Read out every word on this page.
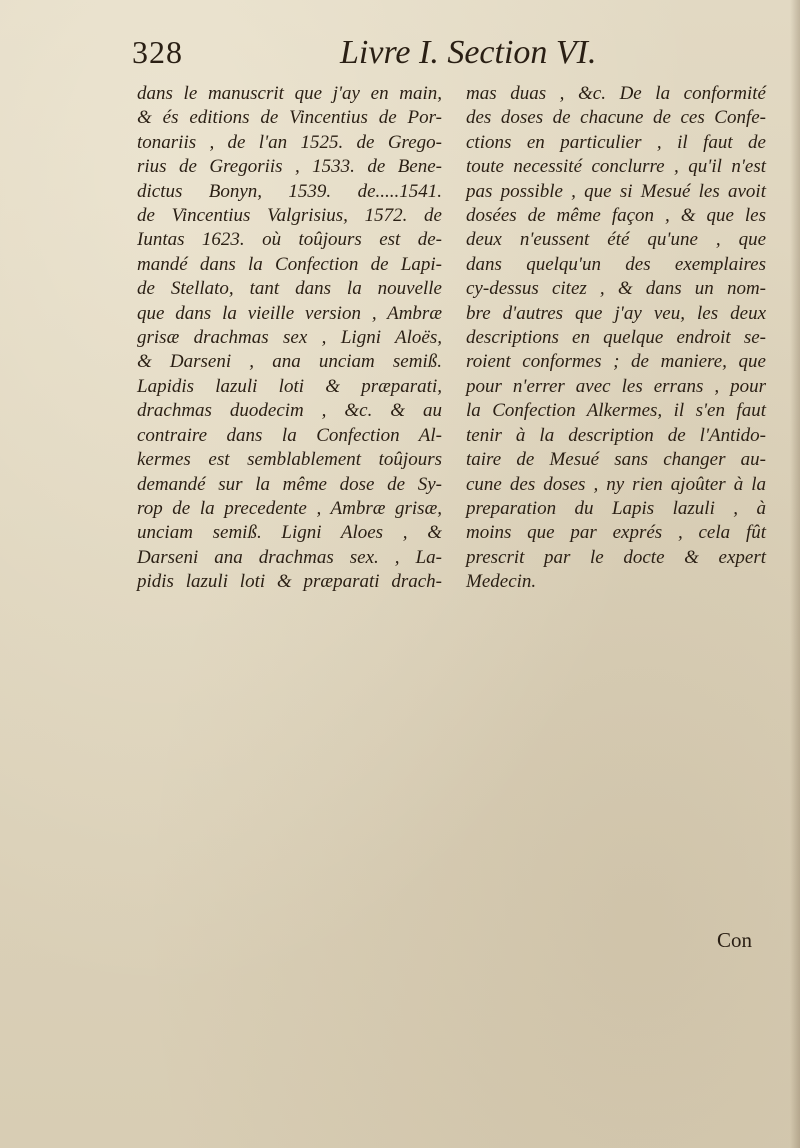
328	Livre I. Section VI.
dans le manuscrit que j'ay en main,
& és editions de Vincentius de Por-
tonariis , de l'an 1525. de Grego-
rius de Gregoriis , 1533. de Bene-
dictus Bonyn, 1539. de.....1541.
de Vincentius Valgrisius, 1572. de
Iuntas 1623. où toûjours est de-
mandé dans la Confection de Lapi-
de Stellato, tant dans la nouvelle
que dans la vieille version , Ambræ
grisæ drachmas sex , Ligni Aloës,
& Darseni , ana unciam semiß.
Lapidis lazuli loti & præparati,
drachmas duodecim , &c. & au
contraire dans la Confection Al-
kermes est semblablement toûjours
demandé sur la même dose de Sy-
rop de la precedente , Ambræ grisæ,
unciam semiß. Ligni Aloes , &
Darseni ana drachmas sex. , La-
pidis lazuli loti & præparati drach-
mas duas , &c. De la conformité
des doses de chacune de ces Confe-
ctions en particulier , il faut de
toute necessité conclurre , qu'il n'est
pas possible , que si Mesué les avoit
dosées de même façon , & que les
deux n'eussent été qu'une , que
dans quelqu'un des exemplaires
cy-dessus citez , & dans un nom-
bre d'autres que j'ay veu, les deux
descriptions en quelque endroit se-
roient conformes ; de maniere, que
pour n'errer avec les errans , pour
la Confection Alkermes, il s'en faut
tenir à la description de l'Antido-
taire de Mesué sans changer au-
cune des doses , ny rien ajoûter à la
preparation du Lapis lazuli , à
moins que par exprés , cela fût
prescrit par le docte & expert
Medecin.
Con
